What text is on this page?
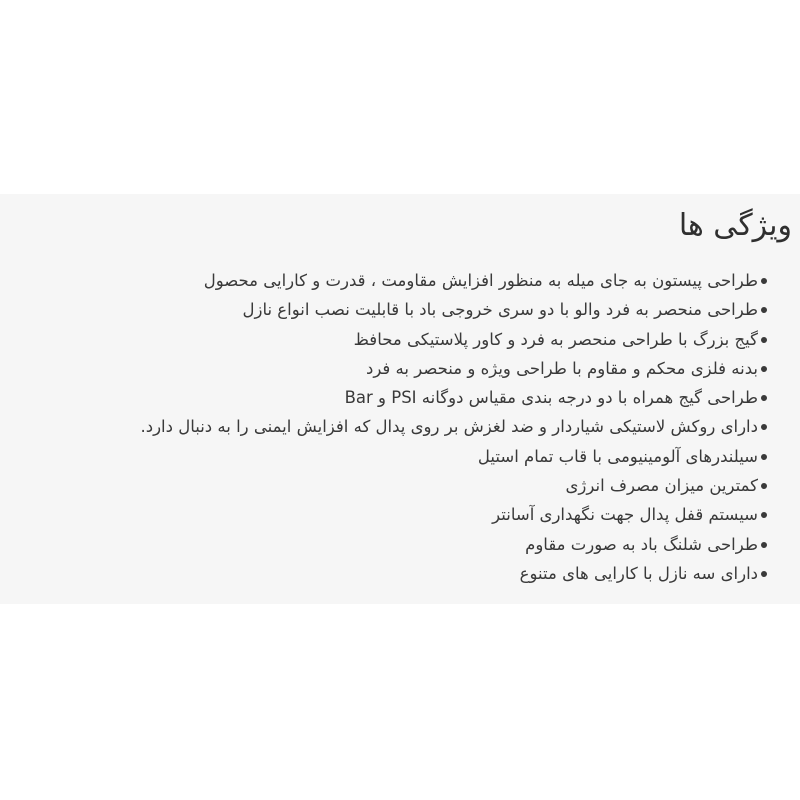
ویژگی ها
طراحی پیستون به جای میله به منظور افزایش مقاومت ، قدرت و کارایی محصول
طراحی منحصر به فرد والو با دو سری خروجی باد با قابلیت نصب انواع نازل
گیج بزرگ با طراحی منحصر به فرد و کاور پلاستیکی محافظ
بدنه فلزی محکم و مقاوم با طراحی ویژه و منحصر به فرد
طراحی گیج همراه با دو درجه بندی مقیاس دوگانه PSI و Bar
دارای روکش لاستیکی شیاردار و ضد لغزش بر روی پدال که افزایش ایمنی را به دنبال دارد.
سیلندرهای آلومینیومی با قاب تمام استیل
کمترین میزان مصرف انرژی
سیستم قفل پدال جهت نگهداری آسانتر
طراحی شلنگ باد به صورت مقاوم
دارای سه نازل با کارایی های متنوع
